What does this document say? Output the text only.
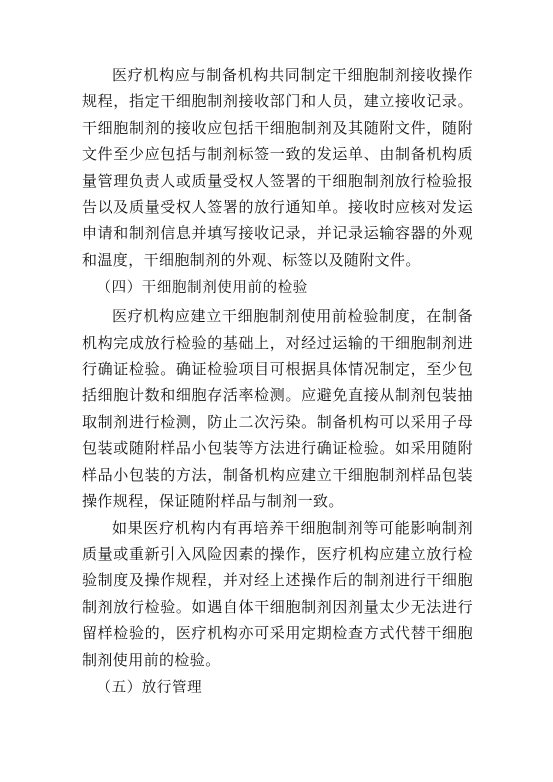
医疗机构应与制备机构共同制定干细胞制剂接收操作规程，指定干细胞制剂接收部门和人员，建立接收记录。干细胞制剂的接收应包括干细胞制剂及其随附文件，随附文件至少应包括与制剂标签一致的发运单、由制备机构质量管理负责人或质量受权人签署的干细胞制剂放行检验报告以及质量受权人签署的放行通知单。接收时应核对发运申请和制剂信息并填写接收记录，并记录运输容器的外观和温度，干细胞制剂的外观、标签以及随附文件。

（四）干细胞制剂使用前的检验

医疗机构应建立干细胞制剂使用前检验制度，在制备机构完成放行检验的基础上，对经过运输的干细胞制剂进行确证检验。确证检验项目可根据具体情况制定，至少包括细胞计数和细胞存活率检测。应避免直接从制剂包装抽取制剂进行检测，防止二次污染。制备机构可以采用子母包装或随附样品小包装等方法进行确证检验。如采用随附样品小包装的方法，制备机构应建立干细胞制剂样品包装操作规程，保证随附样品与制剂一致。

如果医疗机构内有再培养干细胞制剂等可能影响制剂质量或重新引入风险因素的操作，医疗机构应建立放行检验制度及操作规程，并对经上述操作后的制剂进行干细胞制剂放行检验。如遇自体干细胞制剂因剂量太少无法进行留样检验的，医疗机构亦可采用定期检查方式代替干细胞制剂使用前的检验。

（五）放行管理
